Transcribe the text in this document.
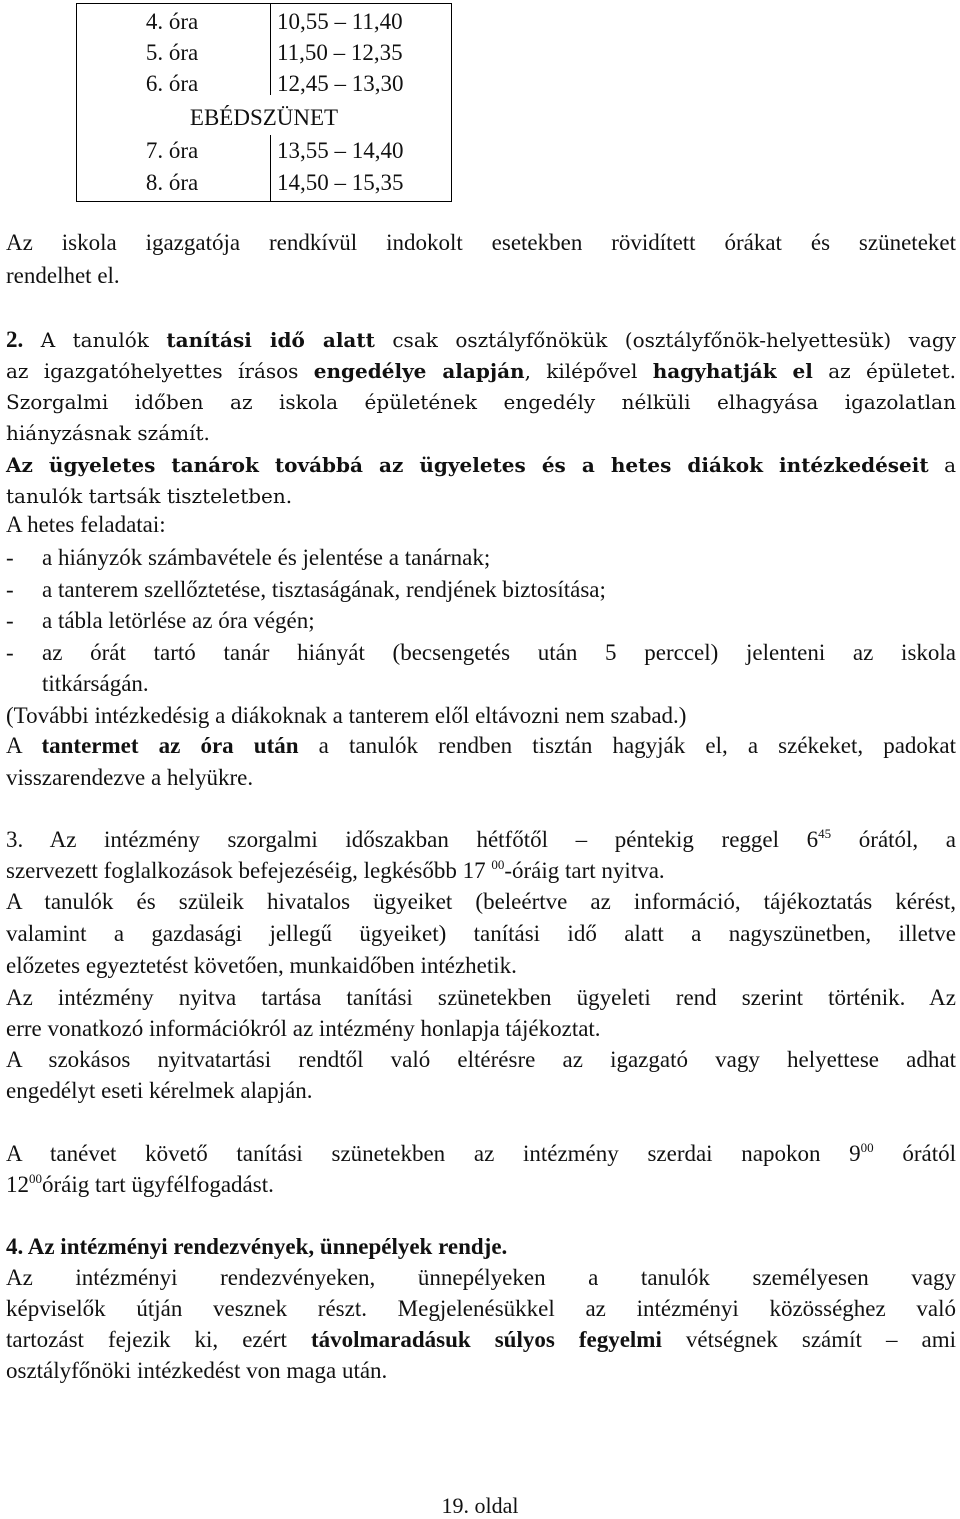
4. óra	10,55 – 11,40
5. óra	11,50 – 12,35
6. óra	12,45 – 13,30
EBÉDSZÜNET
7. óra	13,55 – 14,40
8. óra	14,50 – 15,35
Az iskola igazgatója rendkívül indokolt esetekben rövidített órákat és szüneteket
rendelhet el.
2. A tanulók tanítási idő alatt csak osztályfőnökük (osztályfőnök-helyettesük) vagy
az igazgatóhelyettes írásos engedélye alapján, kilépővel hagyhatják el az épületet.
Szorgalmi időben az iskola épületének engedély nélküli elhagyása igazolatlan
hiányzásnak számít.
Az ügyeletes tanárok továbbá az ügyeletes és a hetes diákok intézkedéseit a
tanulók tartsák tiszteletben.
A hetes feladatai:
- a hiányzók számbavétele és jelentése a tanárnak;
- a tanterem szellőztetése, tisztaságának, rendjének biztosítása;
- a tábla letörlése az óra végén;
- az órát tartó tanár hiányát (becsengetés után 5 perccel) jelenteni az iskola
titkárságán.
(További intézkedésig a diákoknak a tanterem elől eltávozni nem szabad.)
A tantermet az óra után a tanulók rendben tisztán hagyják el, a székeket, padokat
visszarendezve a helyükre.
3. Az intézmény szorgalmi időszakban hétfőtől – péntekig reggel $6^{45}$ órától, a
szervezett foglalkozások befejezéséig, legkésőbb 17 $^{00}$-óráig tart nyitva.
A tanulók és szüleik hivatalos ügyeiket (beleértve az információ, tájékoztatás kérést,
valamint a gazdasági jellegű ügyeiket) tanítási idő alatt a nagyszünetben, illetve
előzetes egyeztetést követően, munkaidőben intézhetik.
Az intézmény nyitva tartása tanítási szünetekben ügyeleti rend szerint történik. Az
erre vonatkozó információkról az intézmény honlapja tájékoztat.
A szokásos nyitvatartási rendtől való eltérésre az igazgató vagy helyettese adhat
engedélyt eseti kérelmek alapján.
A tanévet követő tanítási szünetekben az intézmény szerdai napokon $9^{00}$ órától
$12^{00}óráig$ tart ügyfélfogadást.
4. Az intézményi rendezvények, ünnepélyek rendje.
Az intézményi rendezvényeken, ünnepélyeken a tanulók személyesen vagy
képviselők útján vesznek részt. Megjelenésükkel az intézményi közösséghez való
tartozást fejezik ki, ezért távolmaradásuk súlyos fegyelmi vétségnek számít – ami
osztályfőnöki intézkedést von maga után.
19. oldal
